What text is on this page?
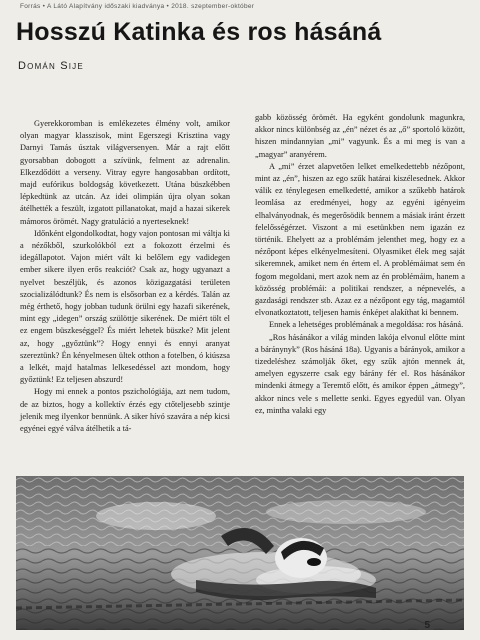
Forrás • A Látó Alapítvány időszaki kiadványa • 2018. szeptember-október
Hosszú Katinka és ros hásáná
Domán Sije

Gyerekkoromban is emlékezetes élmény volt, amikor olyan magyar klasszisok, mint Egerszegi Krisztina vagy Darnyi Tamás úsztak világversenyen. Már a rajt előtt gyorsabban dobogott a szívünk, felment az adrenalin. Elkezdődött a verseny. Vitray egyre hangosabban ordított, majd eufórikus boldogság következett. Utána büszkébben lépkedtünk az utcán. Az idei olimpián újra olyan sokan átélhették a feszült, izgatott pillanatokat, majd a hazai sikerek mámoros örömét. Nagy gratuláció a nyerteseknek!

Időnként elgondolkodtat, hogy vajon pontosan mi váltja ki a nézőkből, szurkolókból ezt a fokozott érzelmi és idegállapotot. Vajon miért vált ki belőlem egy vadidegen ember sikere ilyen erős reakciót? Csak az, hogy ugyanazt a nyelvet beszéljük, és azonos közigazgatási területen szocializálódtunk? És nem is elsősorban ez a kérdés. Talán az még érthető, hogy jobban tudunk örülni egy hazafi sikerének, mint egy „idegen” ország szülöttje sikerének. De miért tölt el ez engem büszkeséggel? És miért lehetek büszke? Mit jelent az, hogy „győztünk”? Hogy ennyi és ennyi aranyat szereztünk? Én kényelmesen ültek otthon a fotelben, ó kiúszsa a lelkét, majd hatalmas lelkesedéssel azt mondom, hogy győztünk! Ez teljesen abszurd!

Hogy mi ennek a pontos pszichológiája, azt nem tudom, de az biztos, hogy a kollektív érzés egy ctőteljesebb szintje jelenik meg ilyenkor bennünk. A siker hívó szavára a nép kicsi egyénei egyé válva átélhetik a tá-

gabb közösség örömét. Ha egyként gondolunk magunkra, akkor nincs különbség az „én” nézet és az „ő” sportoló között, hiszen mindannyian „mi” vagyunk. És a mi meg is van a „magyar” aranyérem.

A „mi” érzet alapvetően lelket emelkedettebb nézőpont, mint az „én”, hiszen az ego szűk határai kiszélesednek. Akkor válik ez ténylegesen emelkedetté, amikor a szűkebb határok leomlása az eredményei, hogy az egyéni igényeim elhalványodnak, és megerősödik bennem a másiak iránt érzett felelősségérzet. Viszont a mi esetünkben nem igazán ez történik. Ehelyett az a problémám jelenthet meg, hogy ez a nézőpont képes elkényelmesíteni. Olyasmiket élek meg saját sikeremnek, amiket nem én értem el. A problémáimat sem én fogom megoldani, mert azok nem az én problémáim, hanem a közösség problémái: a politikai rendszer, a népnevelés, a gazdasági rendszer stb. Azaz ez a nézőpont egy tág, magamtól elvonatkoztatott, teljesen hamis énképet alakíthat ki bennem.

Ennek a lehetséges problémának a megoldása: ros hásáná.

„Ros hásánákor a világ minden lakója elvonul előtte mint a báránynyk” (Ros hásáná 18a). Ugyanis a bárányok, amikor a tizedeléshez számolják őket, egy szűk ajtón mennek át, amelyen egyszerre csak egy bárány fér el. Ros hásánákor mindenki átmegy a Teremtő előtt, és amikor éppen „átmegy”, akkor nincs vele s mellette senki. Egyes egyedül van. Olyan ez, mintha valaki egy

HUN
5
